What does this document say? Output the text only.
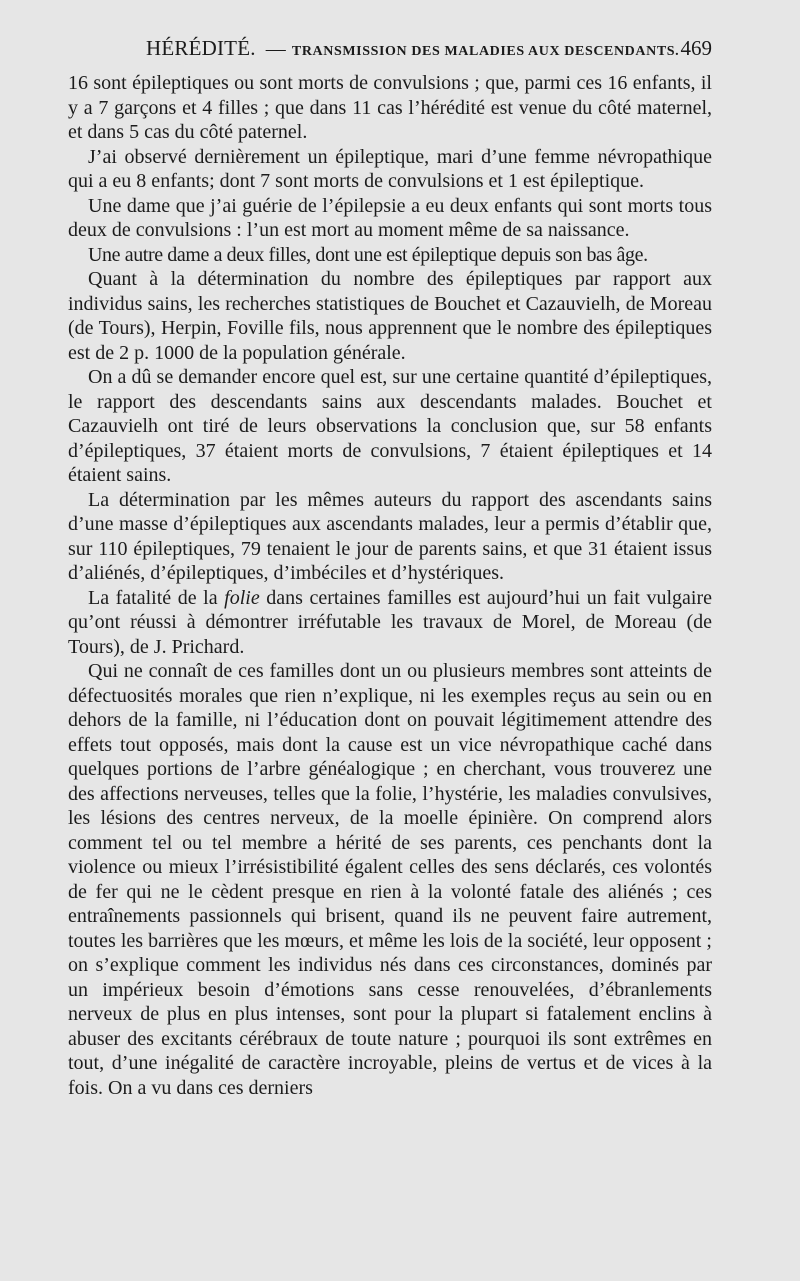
HÉRÉDITÉ. — TRANSMISSION DES MALADIES AUX DESCENDANTS. 469

16 sont épileptiques ou sont morts de convulsions ; que, parmi ces 16 enfants, il y a 7 garçons et 4 filles ; que dans 11 cas l’hérédité est venue du côté maternel, et dans 5 cas du côté paternel.

J’ai observé dernièrement un épileptique, mari d’une femme névropathique qui a eu 8 enfants; dont 7 sont morts de convulsions et 1 est épileptique.

Une dame que j’ai guérie de l’épilepsie a eu deux enfants qui sont morts tous deux de convulsions : l’un est mort au moment même de sa naissance.

Une autre dame a deux filles, dont une est épileptique depuis son bas âge.

Quant à la détermination du nombre des épileptiques par rapport aux individus sains, les recherches statistiques de Bouchet et Cazauvielh, de Moreau (de Tours), Herpin, Foville fils, nous apprennent que le nombre des épileptiques est de 2 p. 1000 de la population générale.

On a dû se demander encore quel est, sur une certaine quantité d’épileptiques, le rapport des descendants sains aux descendants malades. Bouchet et Cazauvielh ont tiré de leurs observations la conclusion que, sur 58 enfants d’épileptiques, 37 étaient morts de convulsions, 7 étaient épileptiques et 14 étaient sains.

La détermination par les mêmes auteurs du rapport des ascendants sains d’une masse d’épileptiques aux ascendants malades, leur a permis d’établir que, sur 110 épileptiques, 79 tenaient le jour de parents sains, et que 31 étaient issus d’aliénés, d’épileptiques, d’imbéciles et d’hystériques.

La fatalité de la folie dans certaines familles est aujourd’hui un fait vulgaire qu’ont réussi à démontrer irréfutable les travaux de Morel, de Moreau (de Tours), de J. Prichard.

Qui ne connaît de ces familles dont un ou plusieurs membres sont atteints de défectuosités morales que rien n’explique, ni les exemples reçus au sein ou en dehors de la famille, ni l’éducation dont on pouvait légitimement attendre des effets tout opposés, mais dont la cause est un vice névropathique caché dans quelques portions de l’arbre généalogique ; en cherchant, vous trouverez une des affections nerveuses, telles que la folie, l’hystérie, les maladies convulsives, les lésions des centres nerveux, de la moelle épinière. On comprend alors comment tel ou tel membre a hérité de ses parents, ces penchants dont la violence ou mieux l’irrésistibilité égalent celles des sens déclarés, ces volontés de fer qui ne le cèdent presque en rien à la volonté fatale des aliénés ; ces entraînements passionnels qui brisent, quand ils ne peuvent faire autrement, toutes les barrières que les mœurs, et même les lois de la société, leur opposent ; on s’explique comment les individus nés dans ces circonstances, dominés par un impérieux besoin d’émotions sans cesse renouvelées, d’ébranlements nerveux de plus en plus intenses, sont pour la plupart si fatalement enclins à abuser des excitants cérébraux de toute nature ; pourquoi ils sont extrêmes en tout, d’une inégalité de caractère incroyable, pleins de vertus et de vices à la fois. On a vu dans ces derniers
